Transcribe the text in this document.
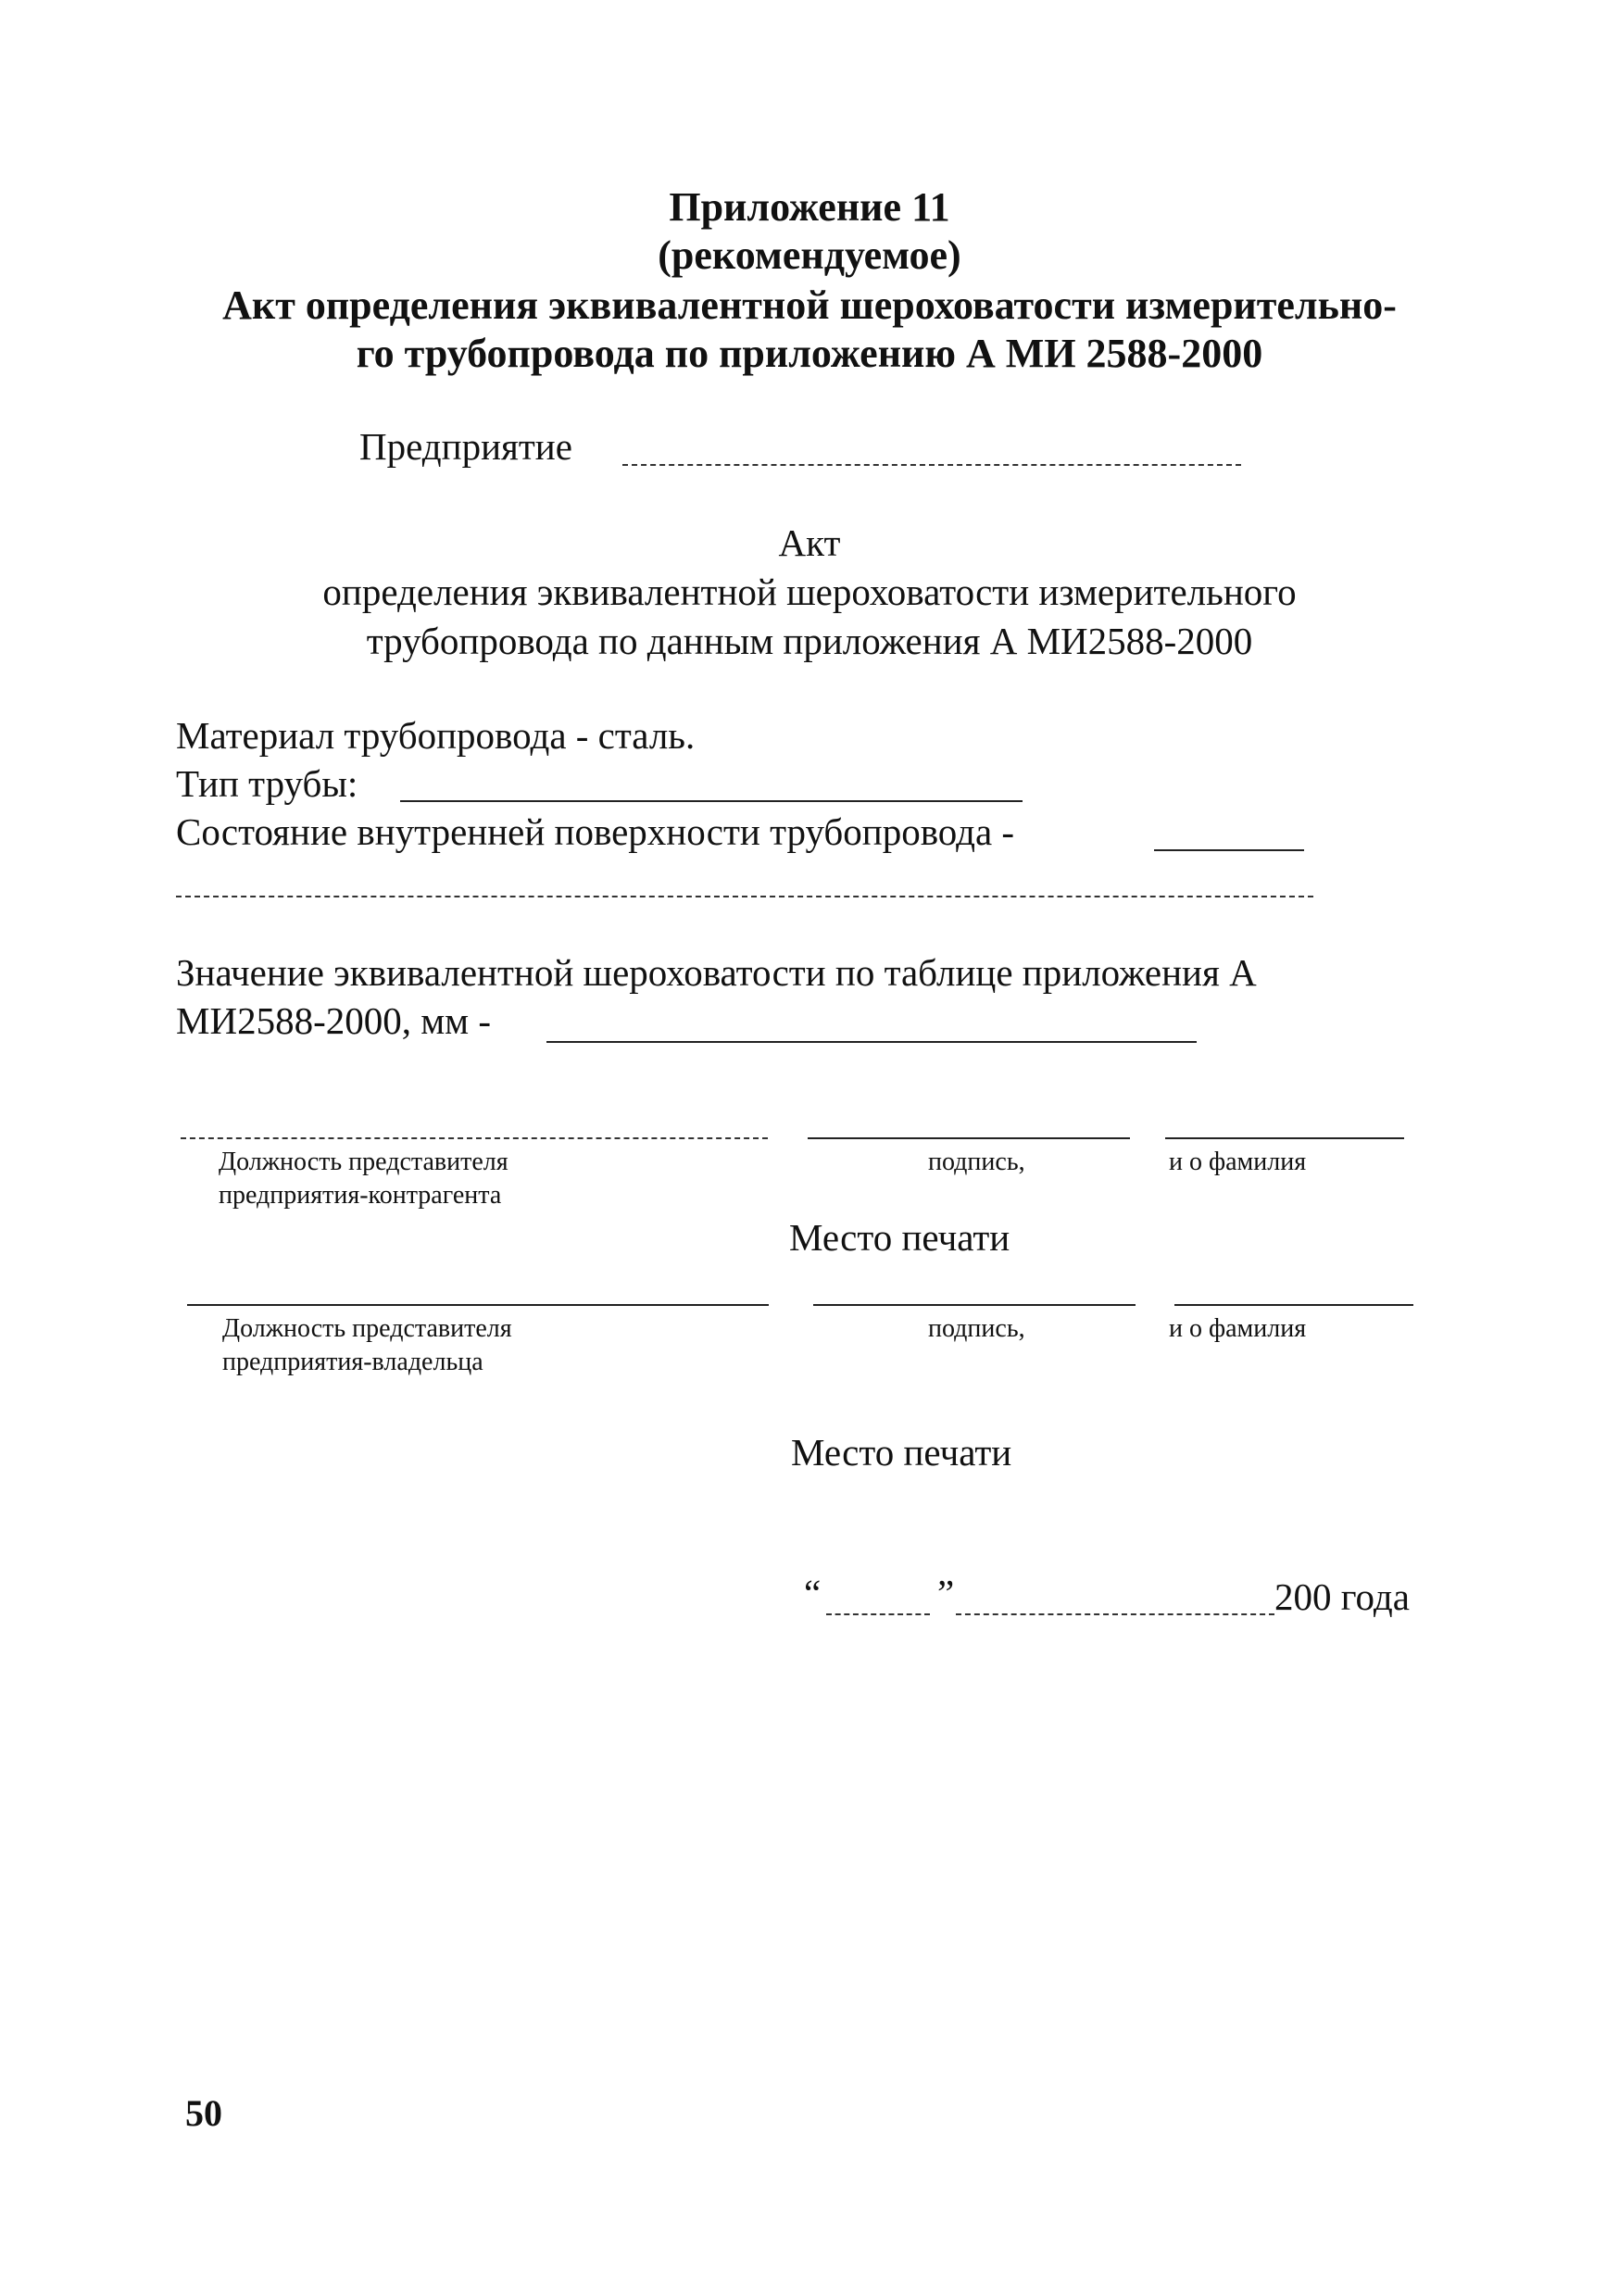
Приложение 11
(рекомендуемое)
Акт определения эквивалентной шероховатости измерительно-
го трубопровода по приложению А МИ 2588-2000
Предприятие
Акт
определения эквивалентной шероховатости измерительного
трубопровода по данным приложения А МИ2588-2000
Материал трубопровода - сталь.
Тип трубы:
Состояние внутренней поверхности трубопровода -
Значение эквивалентной шероховатости по таблице приложения А
МИ2588-2000, мм -
Должность представителя
предприятия-контрагента
подпись,	и о фамилия
Место печати
Должность представителя
предприятия-владельца
подпись,	и о фамилия
Место печати
“	”	200 года
50
